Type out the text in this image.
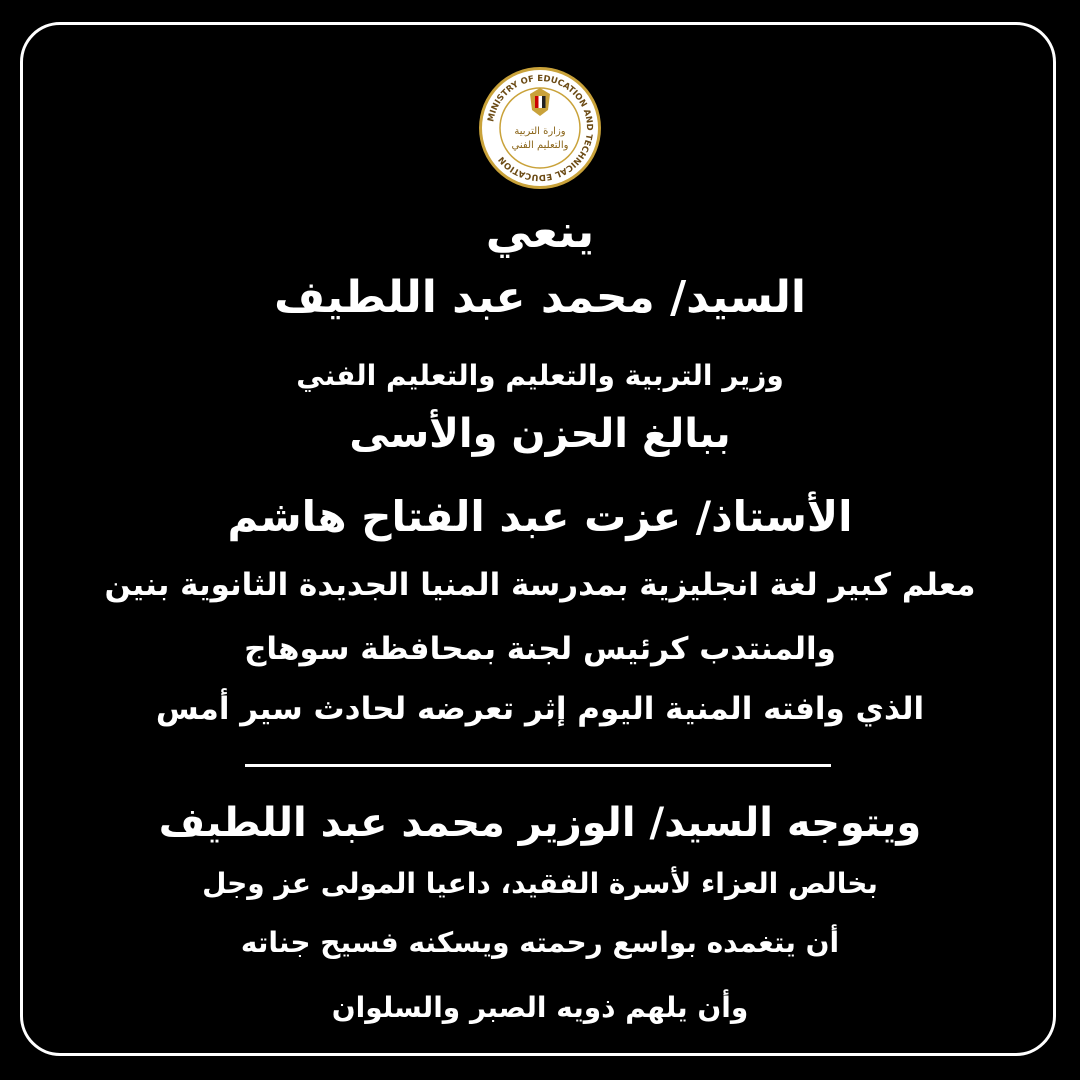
MINISTRY OF EDUCATION AND TECHNICAL EDUCATION
وزارة التربية
والتعليم الفني
ينعي
السيد/ محمد عبد اللطيف
وزير التربية والتعليم والتعليم الفني
ببالغ الحزن والأسى
الأستاذ/ عزت عبد الفتاح هاشم
معلم كبير لغة انجليزية بمدرسة المنيا الجديدة الثانوية بنين
والمنتدب كرئيس لجنة بمحافظة سوهاج
الذي وافته المنية اليوم إثر تعرضه لحادث سير أمس
ويتوجه السيد/ الوزير محمد عبد اللطيف
بخالص العزاء لأسرة الفقيد، داعيا المولى عز وجل
أن يتغمده بواسع رحمته ويسكنه فسيح جناته
وأن يلهم ذويه الصبر والسلوان
